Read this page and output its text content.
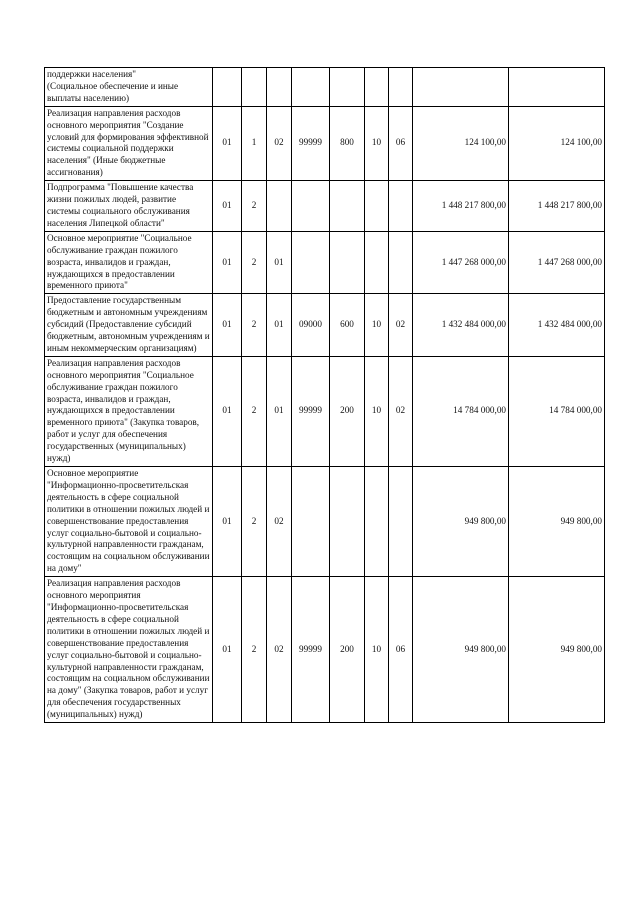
поддержки населения"
(Социальное обеспечение и иные выплаты населению)									
Реализация направления расходов основного мероприятия "Создание условий для формирования эффективной системы социальной поддержки населения" (Иные бюджетные ассигнования)	01	1	02	99999	800	10	06	124 100,00	124 100,00
Подпрограмма "Повышение качества жизни пожилых людей, развитие системы социального обслуживания населения Липецкой области"	01	2						1 448 217 800,00	1 448 217 800,00
Основное мероприятие "Социальное обслуживание граждан пожилого возраста, инвалидов и граждан, нуждающихся в предоставлении временного приюта"	01	2	01					1 447 268 000,00	1 447 268 000,00
Предоставление государственным бюджетным и автономным учреждениям субсидий (Предоставление субсидий бюджетным, автономным учреждениям и иным некоммерческим организациям)	01	2	01	09000	600	10	02	1 432 484 000,00	1 432 484 000,00
Реализация направления расходов основного мероприятия "Социальное обслуживание граждан пожилого возраста, инвалидов и граждан, нуждающихся в предоставлении временного приюта" (Закупка товаров, работ и услуг для обеспечения государственных (муниципальных) нужд)	01	2	01	99999	200	10	02	14 784 000,00	14 784 000,00
Основное мероприятие "Информационно-просветительская деятельность в сфере социальной политики в отношении пожилых людей и совершенствование предоставления услуг социально-бытовой и социально-культурной направленности гражданам, состоящим на социальном обслуживании на дому"	01	2	02					949 800,00	949 800,00
Реализация направления расходов основного мероприятия "Информационно-просветительская деятельность в сфере социальной политики в отношении пожилых людей и совершенствование предоставления услуг социально-бытовой и социально-культурной направленности гражданам, состоящим на социальном обслуживании на дому" (Закупка товаров, работ и услуг для обеспечения государственных (муниципальных) нужд)	01	2	02	99999	200	10	06	949 800,00	949 800,00
